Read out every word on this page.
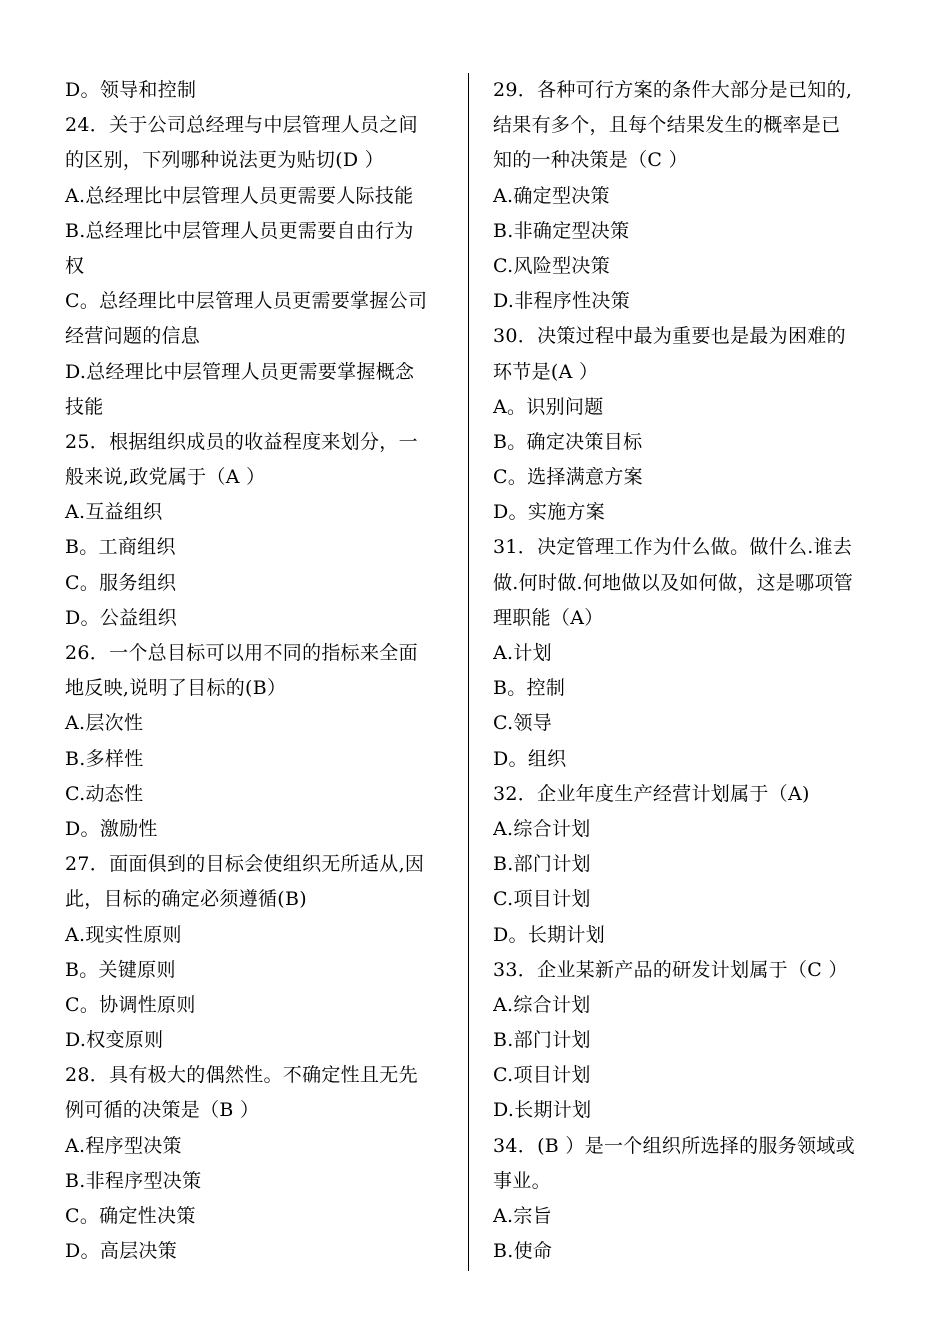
D。领导和控制
24．关于公司总经理与中层管理人员之间
的区别，下列哪种说法更为贴切(D ）
A.总经理比中层管理人员更需要人际技能
B.总经理比中层管理人员更需要自由行为
权
C。总经理比中层管理人员更需要掌握公司
经营问题的信息
D.总经理比中层管理人员更需要掌握概念
技能
25．根据组织成员的收益程度来划分，一
般来说,政党属于（A ）
A.互益组织
B。工商组织
C。服务组织
D。公益组织
26．一个总目标可以用不同的指标来全面
地反映,说明了目标的(B）
A.层次性
B.多样性
C.动态性
D。激励性
27．面面俱到的目标会使组织无所适从,因
此，目标的确定必须遵循(B)
A.现实性原则
B。关键原则
C。协调性原则
D.权变原则
28．具有极大的偶然性。不确定性且无先
例可循的决策是（B ）
A.程序型决策
B.非程序型决策
C。确定性决策
D。高层决策
29．各种可行方案的条件大部分是已知的,
结果有多个，且每个结果发生的概率是已
知的一种决策是（C ）
A.确定型决策
B.非确定型决策
C.风险型决策
D.非程序性决策
30．决策过程中最为重要也是最为困难的
环节是(A ）
A。识别问题
B。确定决策目标
C。选择满意方案
D。实施方案
31．决定管理工作为什么做。做什么.谁去
做.何时做.何地做以及如何做，这是哪项管
理职能（A）
A.计划
B。控制
C.领导
D。组织
32．企业年度生产经营计划属于（A)
A.综合计划
B.部门计划
C.项目计划
D。长期计划
33．企业某新产品的研发计划属于（C ）
A.综合计划
B.部门计划
C.项目计划
D.长期计划
34．(B ）是一个组织所选择的服务领域或
事业。
A.宗旨
B.使命
